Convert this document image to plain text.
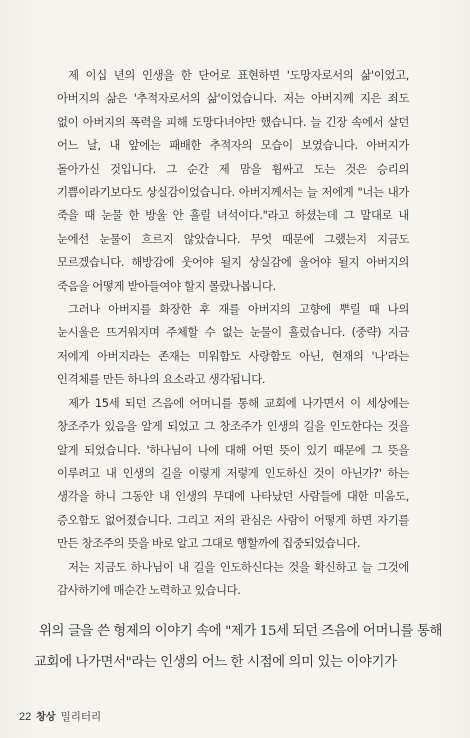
제 이십 년의 인생을 한 단어로 표현하면 '도망자로서의 삶'이었고, 아버지의 삶은 '추적자로서의 삶'이었습니다. 저는 아버지께 지은 죄도 없이 아버지의 폭력을 피해 도망다녀야만 했습니다. 늘 긴장 속에서 살던 어느 날, 내 앞에는 패배한 추적자의 모습이 보였습니다. 아버지가 돌아가신 것입니다. 그 순간 제 맘을 휩싸고 도는 것은 승리의 기쁨이라기보다도 상실감이었습니다. 아버지께서는 늘 저에게 "너는 내가 죽을 때 눈물 한 방울 안 흘릴 녀석이다."라고 하셨는데 그 말대로 내 눈에선 눈물이 흐르지 않았습니다. 무엇 때문에 그랬는지 지금도 모르겠습니다. 해방감에 웃어야 될지 상실감에 울어야 될지 아버지의 죽음을 어떻게 받아들여야 할지 몰랐나봅니다.

그러나 아버지를 화장한 후 재를 아버지의 고향에 뿌릴 때 나의 눈시울은 뜨거워지며 주체할 수 없는 눈물이 흘렀습니다. (중략) 지금 저에게 아버지라는 존재는 미워함도 사랑함도 아닌, 현재의 '나'라는 인격체를 만든 하나의 요소라고 생각됩니다.

제가 15세 되던 즈음에 어머니를 통해 교회에 나가면서 이 세상에는 창조주가 있음을 알게 되었고 그 창조주가 인생의 길을 인도한다는 것을 알게 되었습니다. '하나님이 나에 대해 어떤 뜻이 있기 때문에 그 뜻을 이루려고 내 인생의 길을 이렇게 저렇게 인도하신 것이 아닌가?' 하는 생각을 하니 그동안 내 인생의 무대에 나타났던 사람들에 대한 미움도, 증오함도 없어졌습니다. 그리고 저의 관심은 사람이 어떻게 하면 자기를 만든 창조주의 뜻을 바로 알고 그대로 행할까에 집중되었습니다.

저는 지금도 하나님이 내 길을 인도하신다는 것을 확신하고 늘 그것에 감사하기에 매순간 노력하고 있습니다.

위의 글을 쓴 형제의 이야기 속에 "제가 15세 되던 즈음에 어머니를 통해 교회에 나가면서"라는 인생의 어느 한 시점에 의미 있는 이야기가

22 창상 밀리터리
